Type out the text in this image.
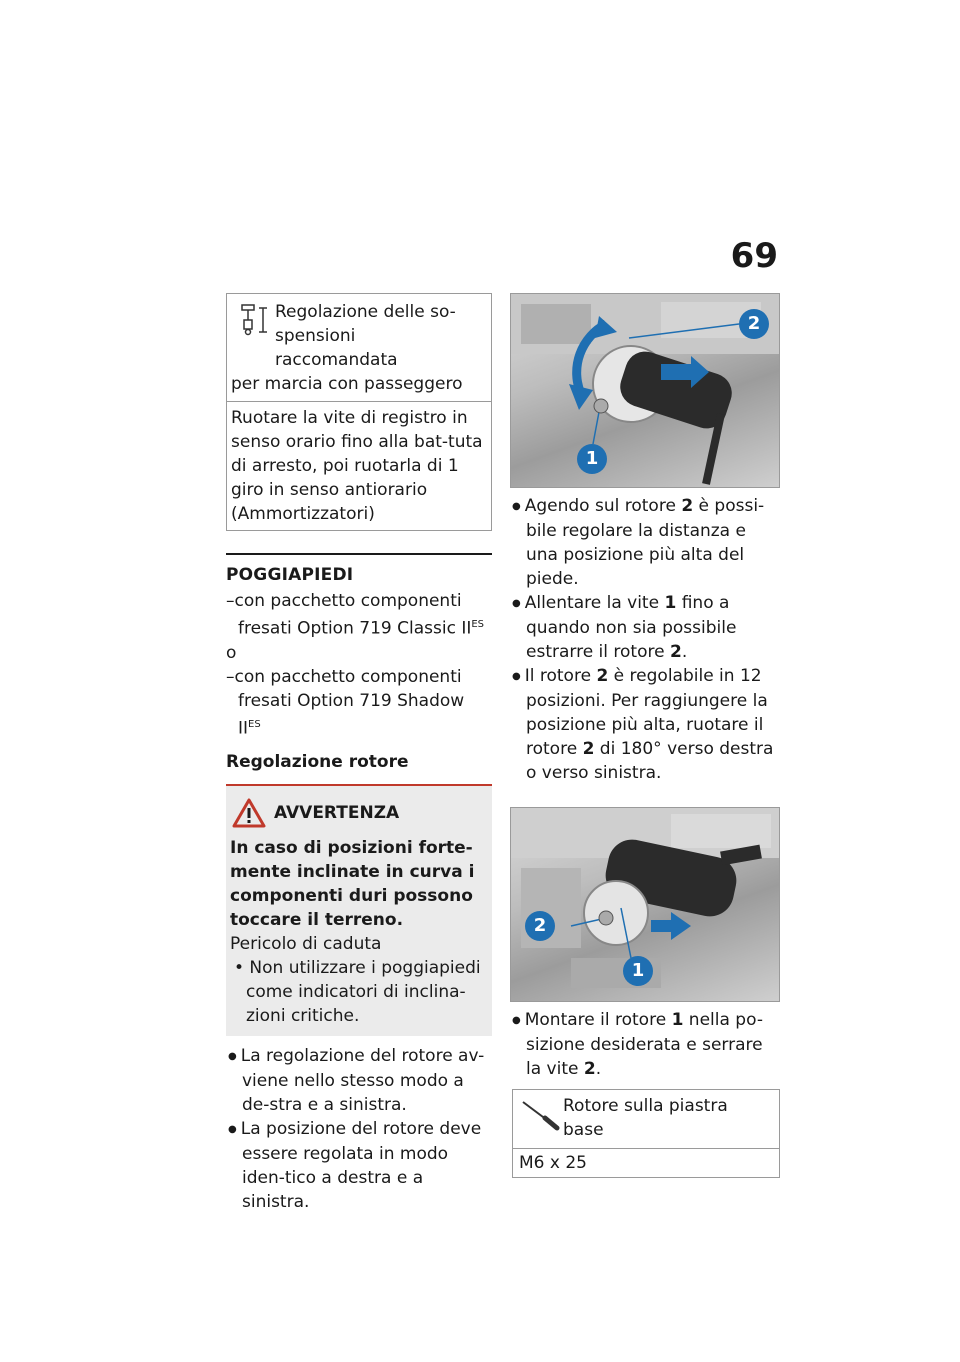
69
Regolazione delle so-
spensioni raccomandata
per marcia con passeggero
Ruotare la vite di registro in senso orario fino alla bat-tuta di arresto, poi ruotarla di 1 giro in senso antiorario (Ammortizzatori)
POGGIAPIEDI

–con pacchetto componenti fresati Option 719 Classic $II^{ES}$

o

–con pacchetto componenti fresati Option 719 Shadow $II^{ES}$

Regolazione rotore
AVVERTENZA
In caso di posizioni forte-mente inclinate in curva i componenti duri possono toccare il terreno.
Pericolo di caduta
• Non utilizzare i poggiapiedi come indicatori di inclina-zioni critiche.

● La regolazione del rotore av-viene nello stesso modo a de-stra e a sinistra.

● La posizione del rotore deve essere regolata in modo iden-tico a destra e a sinistra.

2
1

● Agendo sul rotore 2 è possi-bile regolare la distanza e una posizione più alta del piede.

● Allentare la vite 1 fino a quando non sia possibile estrarre il rotore 2.

● Il rotore 2 è regolabile in 12 posizioni. Per raggiungere la posizione più alta, ruotare il rotore 2 di 180° verso destra o verso sinistra.

2
1

● Montare il rotore 1 nella po-sizione desiderata e serrare la vite 2.

Rotore sulla piastra base
M6 x 25
